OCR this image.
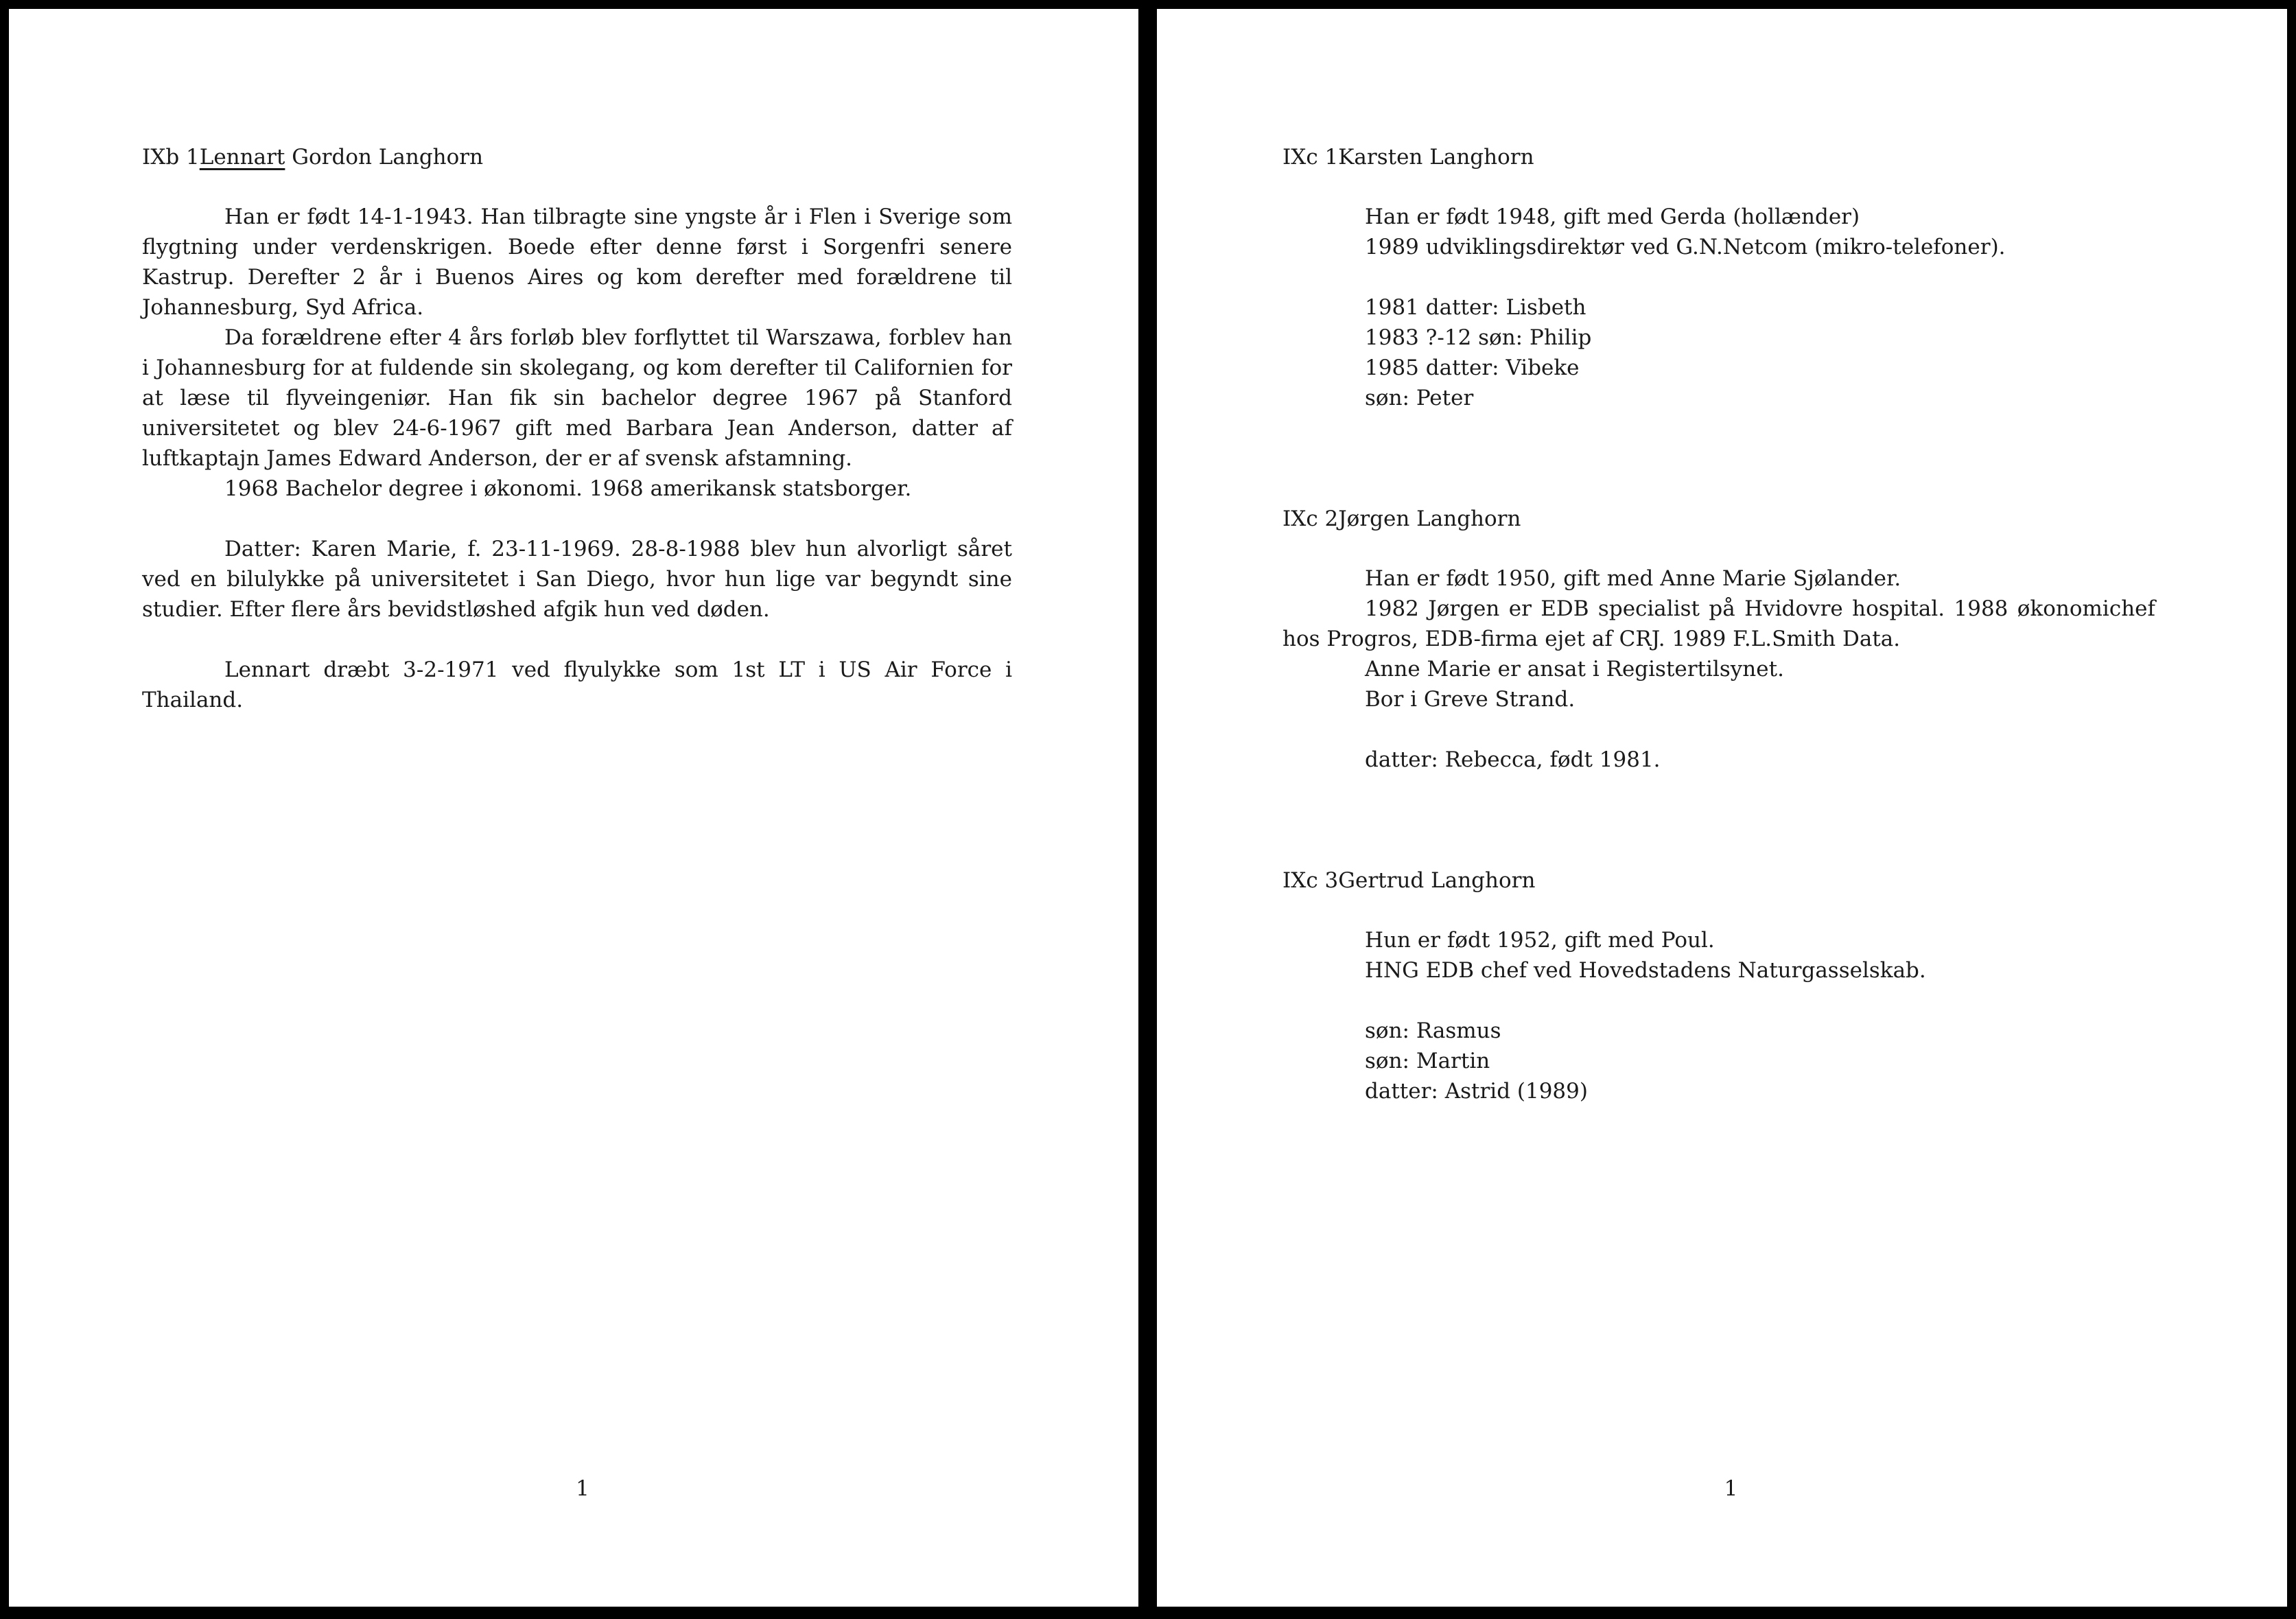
IXb 1Lennart Gordon Langhorn

Han er født 14-1-1943. Han tilbragte sine yngste år i Flen i Sverige som flygtning under verdenskrigen. Boede efter denne først i Sorgenfri senere Kastrup. Derefter 2 år i Buenos Aires og kom derefter med forældrene til Johannesburg, Syd Africa.

Da forældrene efter 4 års forløb blev forflyttet til Warszawa, forblev han i Johannesburg for at fuldende sin skolegang, og kom derefter til Californien for at læse til flyveingeniør. Han fik sin bachelor degree 1967 på Stanford universitetet og blev 24-6-1967 gift med Barbara Jean Anderson, datter af luftkaptajn James Edward Anderson, der er af svensk afstamning.

1968 Bachelor degree i økonomi. 1968 amerikansk statsborger.

Datter: Karen Marie, f. 23-11-1969. 28-8-1988 blev hun alvorligt såret ved en bilulykke på universitetet i San Diego, hvor hun lige var begyndt sine studier. Efter flere års bevidstløshed afgik hun ved døden.

Lennart dræbt 3-2-1971 ved flyulykke som 1st LT i US Air Force i Thailand.

1

IXc 1Karsten Langhorn

Han er født 1948, gift med Gerda (hollænder)

1989 udviklingsdirektør ved G.N.Netcom (mikro-telefoner).

1981 datter: Lisbeth

1983 ?-12 søn: Philip

1985 datter: Vibeke

søn: Peter

IXc 2Jørgen Langhorn

Han er født 1950, gift med Anne Marie Sjølander.

1982 Jørgen er EDB specialist på Hvidovre hospital. 1988 økonomichef hos Progros, EDB-firma ejet af CRJ. 1989 F.L.Smith Data.

Anne Marie er ansat i Registertilsynet.

Bor i Greve Strand.

datter: Rebecca, født 1981.

IXc 3Gertrud Langhorn

Hun er født 1952, gift med Poul.

HNG EDB chef ved Hovedstadens Naturgasselskab.

søn: Rasmus

søn: Martin

datter: Astrid (1989)

1
